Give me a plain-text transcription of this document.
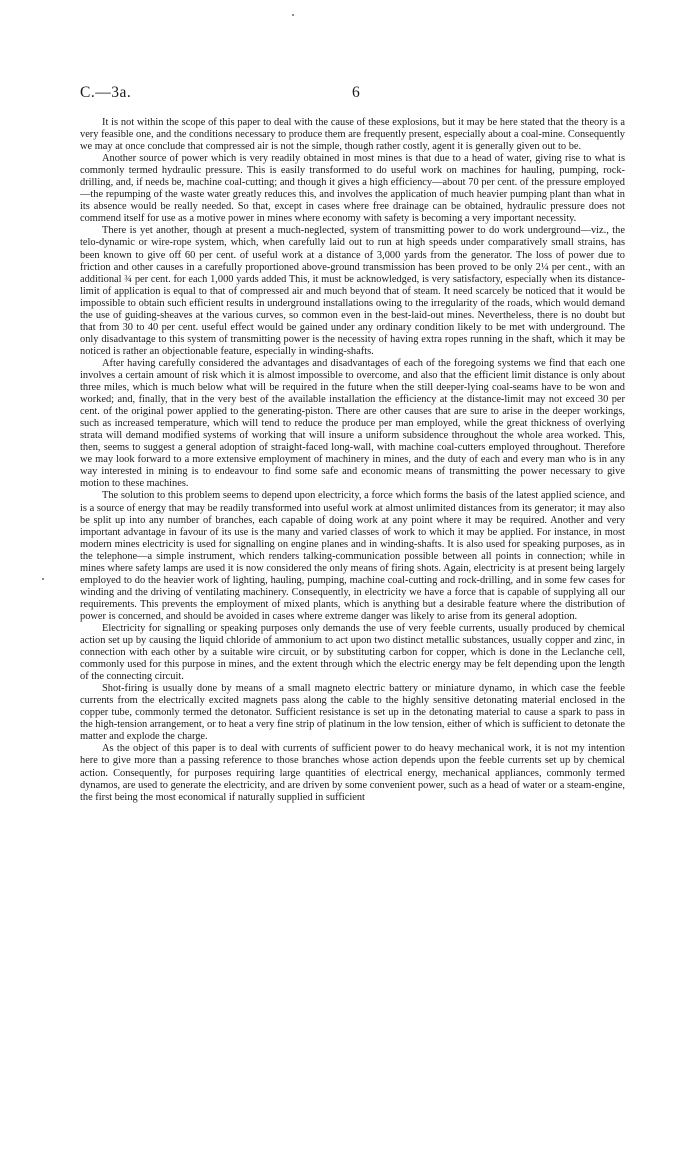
C.—3a.	6

It is not within the scope of this paper to deal with the cause of these explosions, but it may be here stated that the theory is a very feasible one, and the conditions necessary to produce them are frequently present, especially about a coal-mine. Consequently we may at once conclude that compressed air is not the simple, though rather costly, agent it is generally given out to be.

Another source of power which is very readily obtained in most mines is that due to a head of water, giving rise to what is commonly termed hydraulic pressure. This is easily transformed to do useful work on machines for hauling, pumping, rock-drilling, and, if needs be, machine coal-cutting; and though it gives a high efficiency—about 70 per cent. of the pressure employed—the repumping of the waste water greatly reduces this, and involves the application of much heavier pumping plant than what in its absence would be really needed. So that, except in cases where free drainage can be obtained, hydraulic pressure does not commend itself for use as a motive power in mines where economy with safety is becoming a very important necessity.

There is yet another, though at present a much-neglected, system of transmitting power to do work underground—viz., the telo-dynamic or wire-rope system, which, when carefully laid out to run at high speeds under comparatively small strains, has been known to give off 60 per cent. of useful work at a distance of 3,000 yards from the generator. The loss of power due to friction and other causes in a carefully proportioned above-ground transmission has been proved to be only 2¼ per cent., with an additional ¾ per cent. for each 1,000 yards added This, it must be acknowledged, is very satisfactory, especially when its distance-limit of application is equal to that of compressed air and much beyond that of steam. It need scarcely be noticed that it would be impossible to obtain such efficient results in underground installations owing to the irregularity of the roads, which would demand the use of guiding-sheaves at the various curves, so common even in the best-laid-out mines. Nevertheless, there is no doubt but that from 30 to 40 per cent. useful effect would be gained under any ordinary condition likely to be met with underground. The only disadvantage to this system of transmitting power is the necessity of having extra ropes running in the shaft, which it may be noticed is rather an objectionable feature, especially in winding-shafts.

After having carefully considered the advantages and disadvantages of each of the foregoing systems we find that each one involves a certain amount of risk which it is almost impossible to overcome, and also that the efficient limit distance is only about three miles, which is much below what will be required in the future when the still deeper-lying coal-seams have to be won and worked; and, finally, that in the very best of the available installation the efficiency at the distance-limit may not exceed 30 per cent. of the original power applied to the generating-piston. There are other causes that are sure to arise in the deeper workings, such as increased temperature, which will tend to reduce the produce per man employed, while the great thickness of overlying strata will demand modified systems of working that will insure a uniform subsidence throughout the whole area worked. This, then, seems to suggest a general adoption of straight-faced long-wall, with machine coal-cutters employed throughout. Therefore we may look forward to a more extensive employment of machinery in mines, and the duty of each and every man who is in any way interested in mining is to endeavour to find some safe and economic means of transmitting the power necessary to give motion to these machines.

The solution to this problem seems to depend upon electricity, a force which forms the basis of the latest applied science, and is a source of energy that may be readily transformed into useful work at almost unlimited distances from its generator; it may also be split up into any number of branches, each capable of doing work at any point where it may be required. Another and very important advantage in favour of its use is the many and varied classes of work to which it may be applied. For instance, in most modern mines electricity is used for signalling on engine planes and in winding-shafts. It is also used for speaking purposes, as in the telephone—a simple instrument, which renders talking-communication possible between all points in connection; while in mines where safety lamps are used it is now considered the only means of firing shots. Again, electricity is at present being largely employed to do the heavier work of lighting, hauling, pumping, machine coal-cutting and rock-drilling, and in some few cases for winding and the driving of ventilating machinery. Consequently, in electricity we have a force that is capable of supplying all our requirements. This prevents the employment of mixed plants, which is anything but a desirable feature where the distribution of power is concerned, and should be avoided in cases where extreme danger was likely to arise from its general adoption.

Electricity for signalling or speaking purposes only demands the use of very feeble currents, usually produced by chemical action set up by causing the liquid chloride of ammonium to act upon two distinct metallic substances, usually copper and zinc, in connection with each other by a suitable wire circuit, or by substituting carbon for copper, which is done in the Leclanche cell, commonly used for this purpose in mines, and the extent through which the electric energy may be felt depending upon the length of the connecting circuit.

Shot-firing is usually done by means of a small magneto electric battery or miniature dynamo, in which case the feeble currents from the electrically excited magnets pass along the cable to the highly sensitive detonating material enclosed in the copper tube, commonly termed the detonator. Sufficient resistance is set up in the detonating material to cause a spark to pass in the high-tension arrangement, or to heat a very fine strip of platinum in the low tension, either of which is sufficient to detonate the matter and explode the charge.

As the object of this paper is to deal with currents of sufficient power to do heavy mechanical work, it is not my intention here to give more than a passing reference to those branches whose action depends upon the feeble currents set up by chemical action. Consequently, for purposes requiring large quantities of electrical energy, mechanical appliances, commonly termed dynamos, are used to generate the electricity, and are driven by some convenient power, such as a head of water or a steam-engine, the first being the most economical if naturally supplied in sufficient
